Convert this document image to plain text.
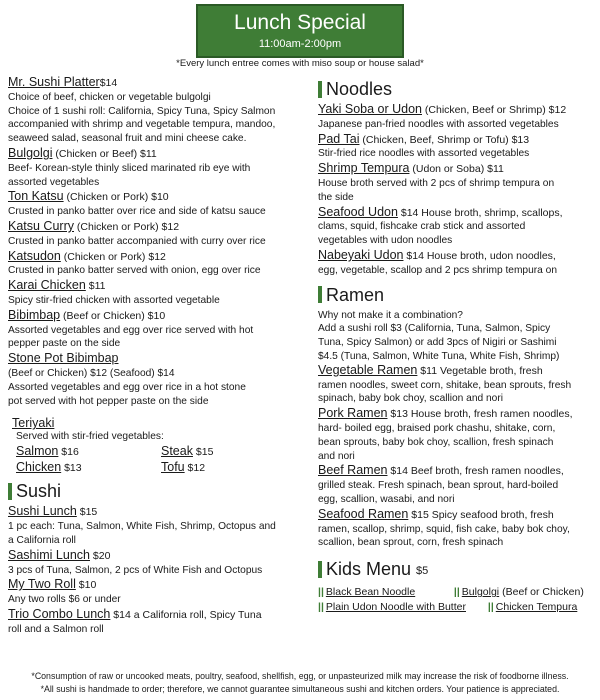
Lunch Special
11:00am-2:00pm
*Every lunch entree comes with miso soup or house salad*
Mr. Sushi Platter$14
Choice of beef, chicken or vegetable bulgolgi
Choice of 1 sushi roll: California, Spicy Tuna, Spicy Salmon
accompanied with shrimp and vegetable tempura, mandoo,
seaweed salad, seasonal fruit and mini cheese cake.
Bulgolgi (Chicken or Beef) $11
Beef- Korean-style thinly sliced marinated rib eye with
assorted vegetables
Ton Katsu (Chicken or Pork) $10
Crusted in panko batter over rice and side of katsu sauce
Katsu Curry (Chicken or Pork) $12
Crusted in panko batter accompanied with curry over rice
Katsudon (Chicken or Pork) $12
Crusted in panko batter served with onion, egg over rice
Karai Chicken $11
Spicy stir-fried chicken with assorted vegetable
Bibimbap (Beef or Chicken) $10
Assorted vegetables and egg over rice served with hot
pepper paste on the side
Stone Pot Bibimbap
(Beef or Chicken) $12 (Seafood) $14
Assorted vegetables and egg over rice in a hot stone
pot served with hot pepper paste on the side
Teriyaki
Served with stir-fried vegetables:
Salmon $16	Steak $15
Chicken $13	Tofu $12
Sushi
Sushi Lunch $15
1 pc each: Tuna, Salmon, White Fish, Shrimp, Octopus and
a California roll
Sashimi Lunch $20
3 pcs of Tuna, Salmon, 2 pcs of White Fish and Octopus
My Two Roll $10
Any two rolls $6 or under
Trio Combo Lunch $14 a California roll, Spicy Tuna
roll and a Salmon roll
Noodles
Yaki Soba or Udon (Chicken, Beef or Shrimp) $12
Japanese pan-fried noodles with assorted vegetables
Pad Tai (Chicken, Beef, Shrimp or Tofu) $13
Stir-fried rice noodles with assorted vegetables
Shrimp Tempura (Udon or Soba) $11
House broth served with 2 pcs of shrimp tempura on
the side
Seafood Udon $14 House broth, shrimp, scallops,
clams, squid, fishcake crab stick and assorted
vegetables with udon noodles
Nabeyaki Udon $14 House broth, udon noodles,
egg, vegetable, scallop and 2 pcs shrimp tempura on
Ramen
Why not make it a combination?
Add a sushi roll $3 (California, Tuna, Salmon, Spicy
Tuna, Spicy Salmon) or add 3pcs of Nigiri or Sashimi
$4.5 (Tuna, Salmon, White Tuna, White Fish, Shrimp)
Vegetable Ramen $11 Vegetable broth, fresh
ramen noodles, sweet corn, shitake, bean sprouts, fresh
spinach, baby bok choy, scallion and nori
Pork Ramen $13 House broth, fresh ramen noodles,
hard- boiled egg, braised pork chashu, shitake, corn,
bean sprouts, baby bok choy, scallion, fresh spinach
and nori
Beef Ramen $14 Beef broth, fresh ramen noodles,
grilled steak. Fresh spinach, bean sprout, hard-boiled
egg, scallion, wasabi, and nori
Seafood Ramen $15 Spicy seafood broth, fresh
ramen, scallop, shrimp, squid, fish cake, baby bok choy,
scallion, bean sprout, corn, fresh spinach
Kids Menu $5
|| Black Bean Noodle	|| Bulgolgi (Beef or Chicken)
|| Plain Udon Noodle with Butter	|| Chicken Tempura
*Consumption of raw or uncooked meats, poultry, seafood, shellfish, egg, or unpasteurized milk may increase the risk of foodborne illness.
*All sushi is handmade to order; therefore, we cannot guarantee simultaneous sushi and kitchen orders. Your patience is appreciated.
